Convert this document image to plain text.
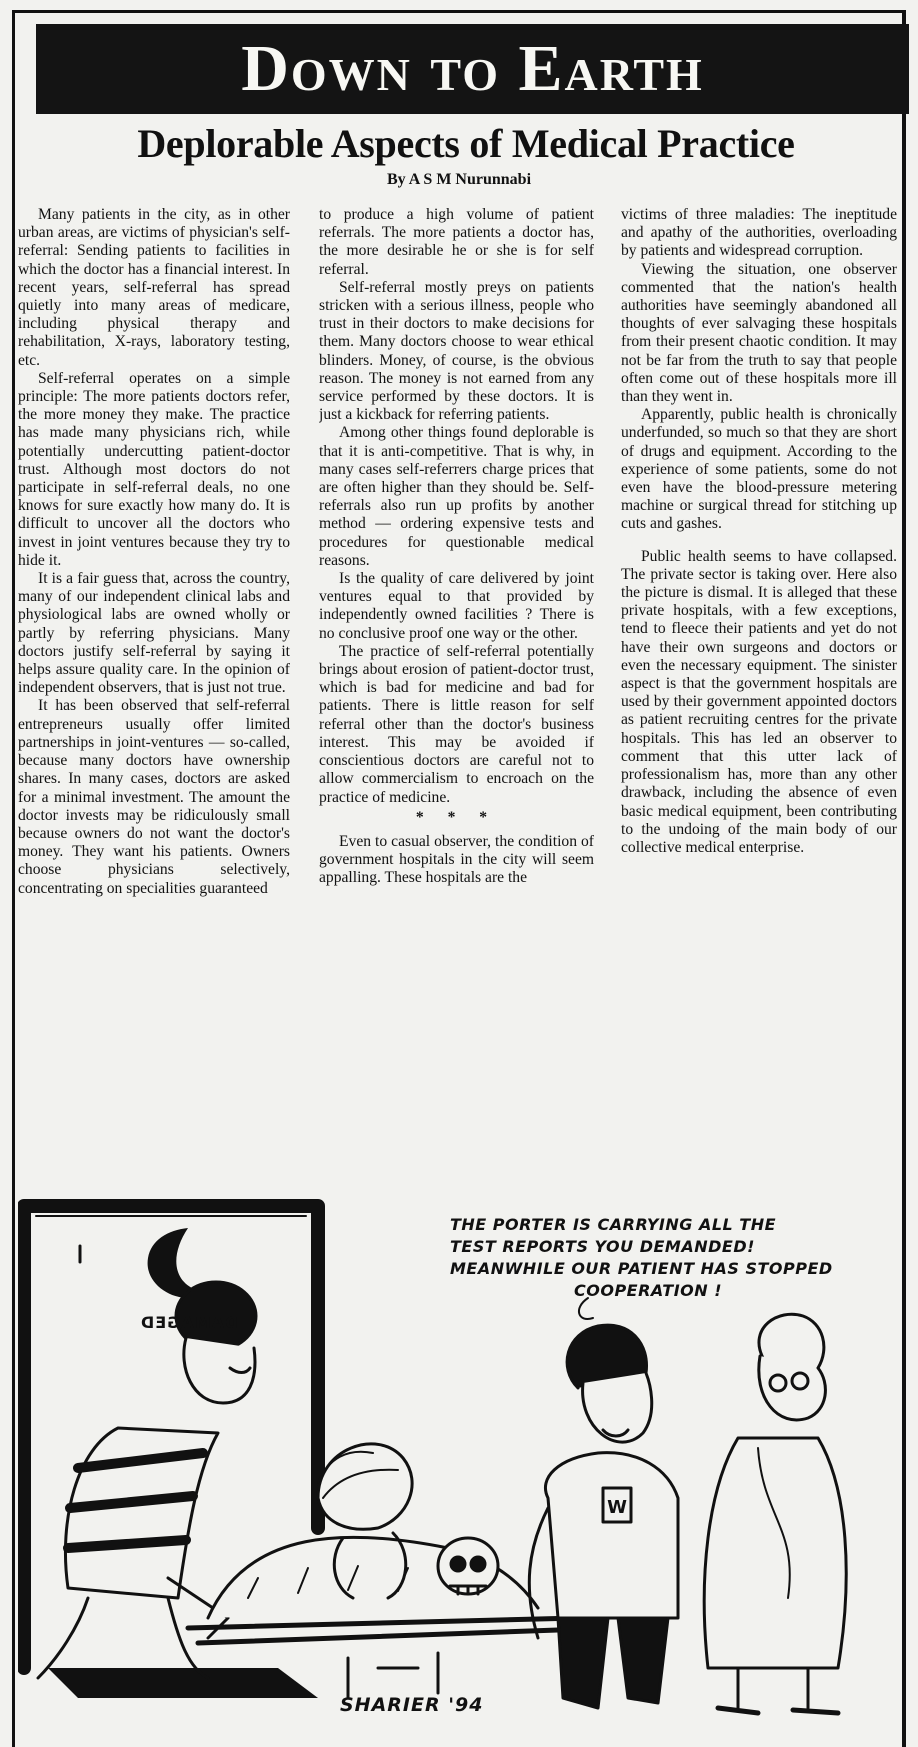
Down to Earth
Deplorable Aspects of Medical Practice
By A S M Nurunnabi

Many patients in the city, as in other urban areas, are victims of physician's self-referral: Sending patients to facilities in which the doctor has a financial interest. In recent years, self-referral has spread quietly into many areas of medicare, including physical therapy and rehabilitation, X-rays, laboratory testing, etc.

Self-referral operates on a simple principle: The more patients doctors refer, the more money they make. The practice has made many physicians rich, while potentially undercutting patient-doctor trust. Although most doctors do not participate in self-referral deals, no one knows for sure exactly how many do. It is difficult to uncover all the doctors who invest in joint ventures because they try to hide it.

It is a fair guess that, across the country, many of our independent clinical labs and physiological labs are owned wholly or partly by referring physicians. Many doctors justify self-referral by saying it helps assure quality care. In the opinion of independent observers, that is just not true.

It has been observed that self-referral entrepreneurs usually offer limited partnerships in joint-ventures — so-called, because many doctors have ownership shares. In many cases, doctors are asked for a minimal investment. The amount the doctor invests may be ridiculously small because owners do not want the doctor's money. They want his patients. Owners choose physicians selectively, concentrating on specialities guaranteed

to produce a high volume of patient referrals. The more patients a doctor has, the more desirable he or she is for self referral.

Self-referral mostly preys on patients stricken with a serious illness, people who trust in their doctors to make decisions for them. Many doctors choose to wear ethical blinders. Money, of course, is the obvious reason. The money is not earned from any service performed by these doctors. It is just a kickback for referring patients.

Among other things found deplorable is that it is anti-competitive. That is why, in many cases self-referrers charge prices that are often higher than they should be. Self-referrals also run up profits by another method — ordering expensive tests and procedures for questionable medical reasons.

Is the quality of care delivered by joint ventures equal to that provided by independently owned facilities ? There is no conclusive proof one way or the other.

The practice of self-referral potentially brings about erosion of patient-doctor trust, which is bad for medicine and bad for patients. There is little reason for self referral other than the doctor's business interest. This may be avoided if conscientious doctors are careful not to allow commercialism to encroach on the practice of medicine.

* * *

Even to casual observer, the condition of government hospitals in the city will seem appalling. These hospitals are the

victims of three maladies: The ineptitude and apathy of the authorities, overloading by patients and widespread corruption.

Viewing the situation, one observer commented that the nation's health authorities have seemingly abandoned all thoughts of ever salvaging these hospitals from their present chaotic condition. It may not be far from the truth to say that people often come out of these hospitals more ill than they went in.

Apparently, public health is chronically underfunded, so much so that they are short of drugs and equipment. According to the experience of some patients, some do not even have the blood-pressure metering machine or surgical thread for stitching up cuts and gashes.

Public health seems to have collapsed. The private sector is taking over. Here also the picture is dismal. It is alleged that these private hospitals, with a few exceptions, tend to fleece their patients and yet do not have their own surgeons and doctors or even the necessary equipment. The sinister aspect is that the government hospitals are used by their government appointed doctors as patient recruiting centres for the private hospitals. This has led an observer to comment that this utter lack of professionalism has, more than any other drawback, including the absence of even basic medical equipment, been contributing to the undoing of the main body of our collective medical enterprise.

W
THE PORTER IS CARRYING ALL THE
TEST REPORTS YOU DEMANDED!
MEANWHILE OUR PATIENT HAS STOPPED
COOPERATION !
DAMAGED
SHARIER '94
